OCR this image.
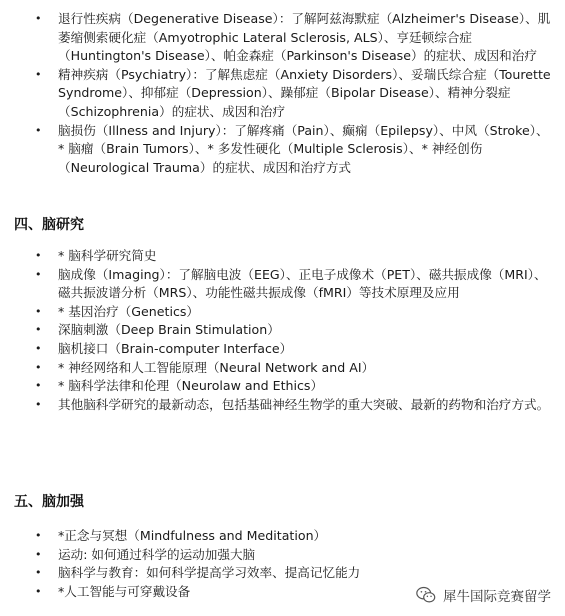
• 退行性疾病（Degenerative Disease）：了解阿兹海默症（Alzheimer's Disease）、肌萎缩侧索硬化症（Amyotrophic Lateral Sclerosis, ALS）、亨廷顿综合症（Huntington's Disease）、帕金森症（Parkinson's Disease）的症状、成因和治疗
• 精神疾病（Psychiatry）：了解焦虑症（Anxiety Disorders）、妥瑞氏综合症（Tourette Syndrome）、抑郁症（Depression）、躁郁症（Bipolar Disease）、精神分裂症（Schizophrenia）的症状、成因和治疗
• 脑损伤（Illness and Injury）：了解疼痛（Pain）、癫痫（Epilepsy）、中风（Stroke）、* 脑瘤（Brain Tumors）、* 多发性硬化（Multiple Sclerosis）、* 神经创伤（Neurological Trauma）的症状、成因和治疗方式
四、脑研究
• * 脑科学研究简史
• 脑成像（Imaging）：了解脑电波（EEG）、正电子成像术（PET）、磁共振成像（MRI）、磁共振波谱分析（MRS）、功能性磁共振成像（fMRI）等技术原理及应用
• * 基因治疗（Genetics）
• 深脑刺激（Deep Brain Stimulation）
• 脑机接口（Brain-computer Interface）
• * 神经网络和人工智能原理（Neural Network and AI）
• * 脑科学法律和伦理（Neurolaw and Ethics）
• 其他脑科学研究的最新动态，包括基础神经生物学的重大突破、最新的药物和治疗方式。
五、脑加强
• *正念与冥想（Mindfulness and Meditation）
• 运动: 如何通过科学的运动加强大脑
• 脑科学与教育：如何科学提高学习效率、提高记忆能力
• *人工智能与可穿戴设备	犀牛国际竞赛留学
